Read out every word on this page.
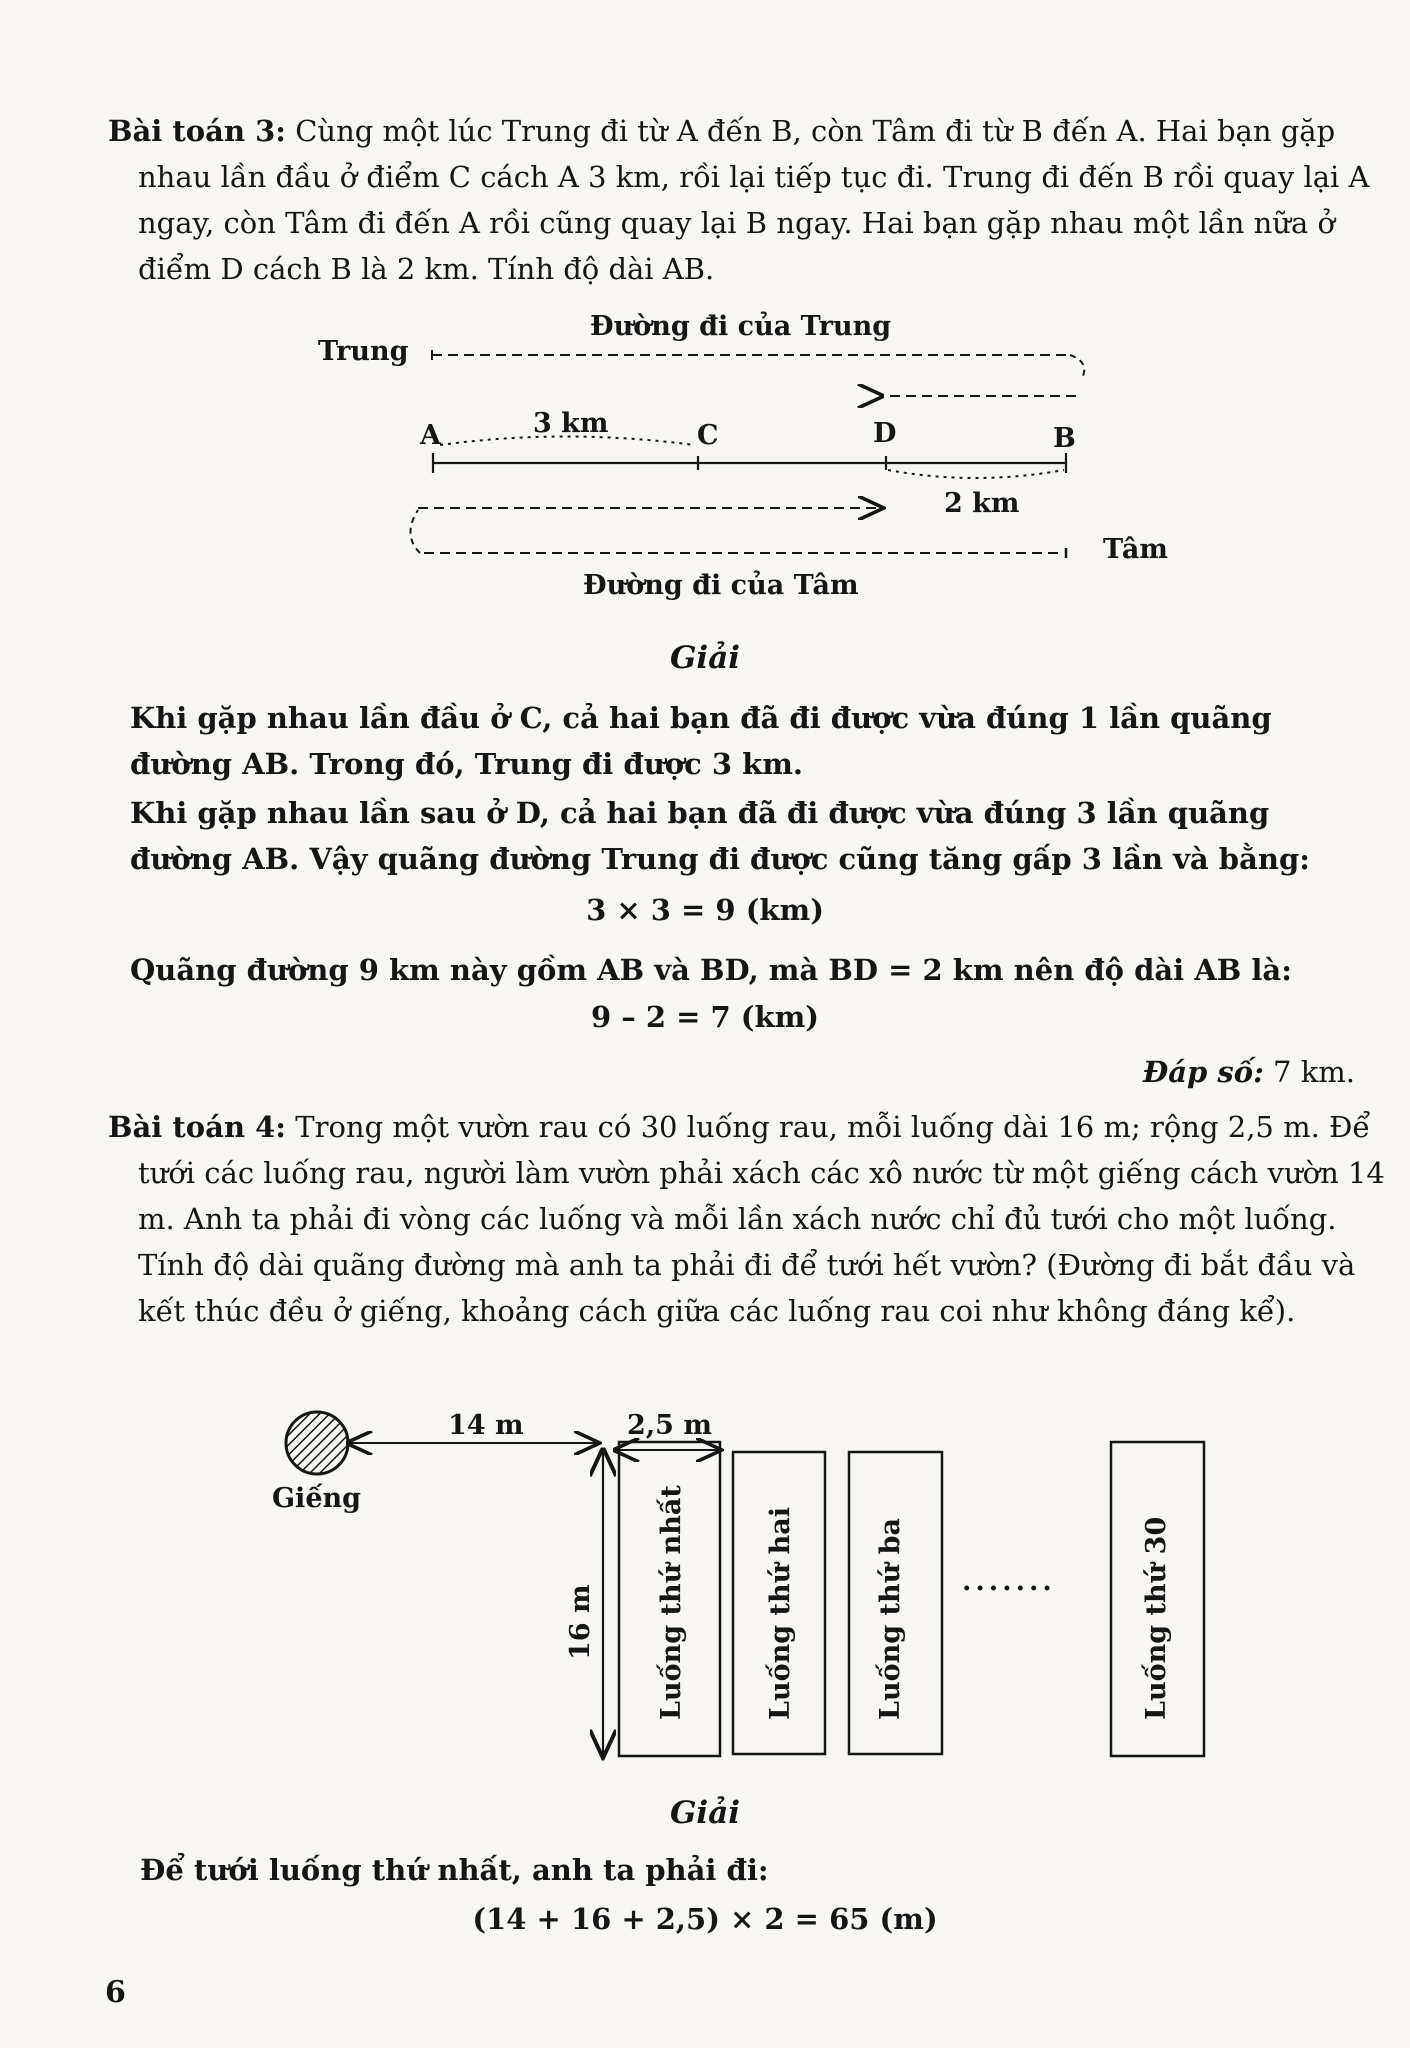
Bài toán 3: Cùng một lúc Trung đi từ A đến B, còn Tâm đi từ B đến A. Hai bạn gặp nhau lần đầu ở điểm C cách A 3 km, rồi lại tiếp tục đi. Trung đi đến B rồi quay lại A ngay, còn Tâm đi đến A rồi cũng quay lại B ngay. Hai bạn gặp nhau một lần nữa ở điểm D cách B là 2 km. Tính độ dài AB.
Đường đi của Trung
Trung
A	3 km	C	D	B
2 km
Tâm
Đường đi của Tâm
Giếng
14 m	2,5 m
16 m Luống thứ nhất	Luống thứ hai	Luống thứ ba .......	Luống thứ 30
Giải
Khi gặp nhau lần đầu ở C, cả hai bạn đã đi được vừa đúng 1 lần quãng đường AB. Trong đó, Trung đi được 3 km.
Khi gặp nhau lần sau ở D, cả hai bạn đã đi được vừa đúng 3 lần quãng đường AB. Vậy quãng đường Trung đi được cũng tăng gấp 3 lần và bằng:
3 × 3 = 9 (km)
Quãng đường 9 km này gồm AB và BD, mà BD = 2 km nên độ dài AB là:
9 – 2 = 7 (km)
Đáp số: 7 km.
Bài toán 4: Trong một vườn rau có 30 luống rau, mỗi luống dài 16 m; rộng 2,5 m. Để tưới các luống rau, người làm vườn phải xách các xô nước từ một giếng cách vườn 14 m. Anh ta phải đi vòng các luống và mỗi lần xách nước chỉ đủ tưới cho một luống. Tính độ dài quãng đường mà anh ta phải đi để tưới hết vườn? (Đường đi bắt đầu và kết thúc đều ở giếng, khoảng cách giữa các luống rau coi như không đáng kể).
Giải
Để tưới luống thứ nhất, anh ta phải đi:
(14 + 16 + 2,5) × 2 = 65 (m)
6
